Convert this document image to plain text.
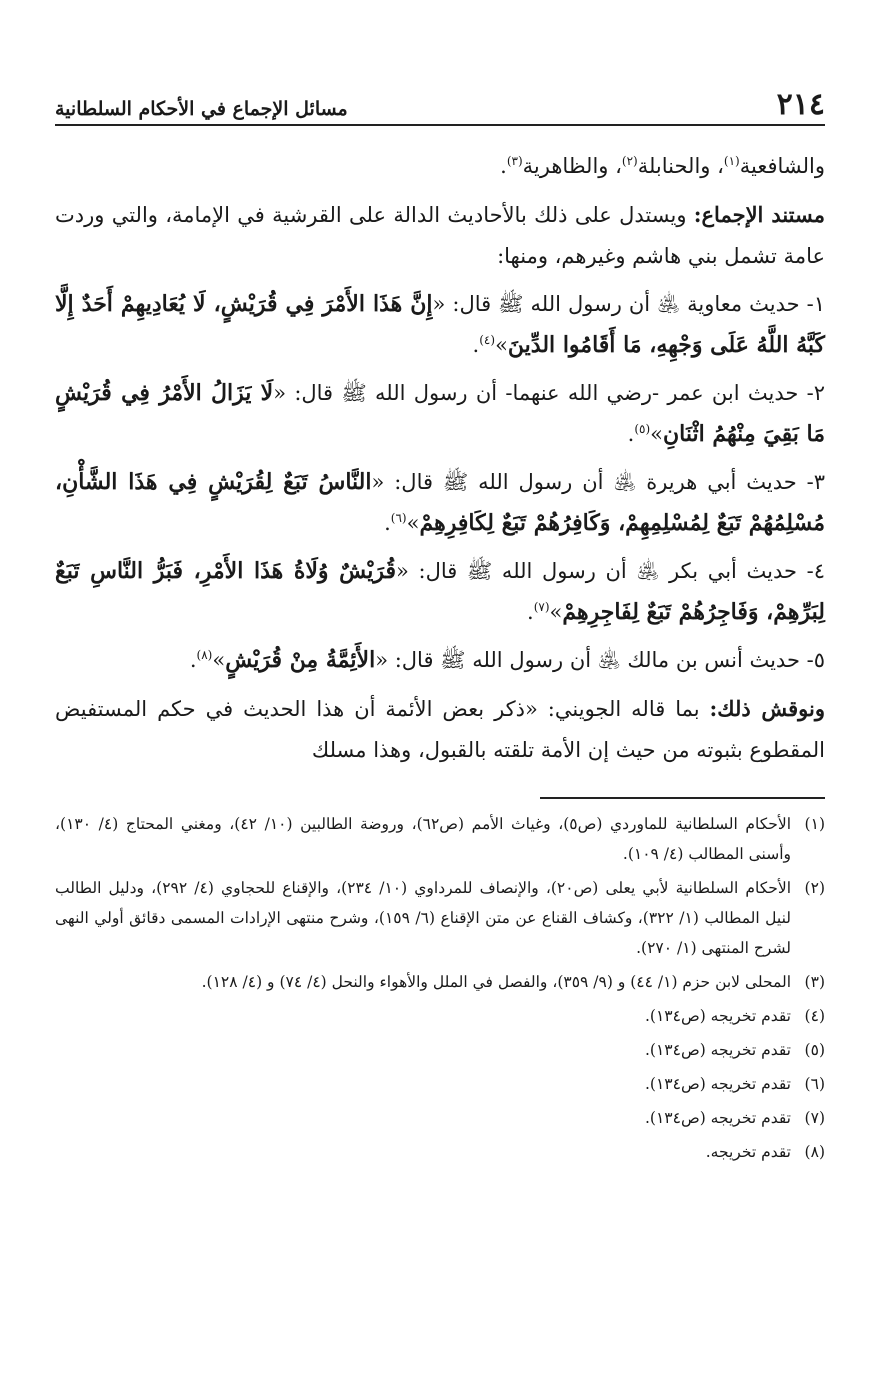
٢١٤
مسائل الإجماع في الأحكام السلطانية

والشافعية$^{(١)}$، والحنابلة$^{(٢)}$، والظاهرية$^{(٣)}$.

مستند الإجماع: ويستدل على ذلك بالأحاديث الدالة على القرشية في الإمامة، والتي وردت عامة تشمل بني هاشم وغيرهم، ومنها:

١- حديث معاوية ﵁ أن رسول الله ﷺ قال: «إِنَّ هَذَا الأَمْرَ فِي قُرَيْشٍ، لَا يُعَادِيهِمْ أَحَدٌ إِلَّا كَبَّهُ اللَّهُ عَلَى وَجْهِهِ، مَا أَقَامُوا الدِّينَ»$^{(٤)}$.

٢- حديث ابن عمر -رضي الله عنهما- أن رسول الله ﷺ قال: «لَا يَزَالُ الأَمْرُ فِي قُرَيْشٍ مَا بَقِيَ مِنْهُمُ اثْنَانِ»$^{(٥)}$.

٣- حديث أبي هريرة ﵁ أن رسول الله ﷺ قال: «النَّاسُ تَبَعٌ لِقُرَيْشٍ فِي هَذَا الشَّأْنِ، مُسْلِمُهُمْ تَبَعٌ لِمُسْلِمِهِمْ، وَكَافِرُهُمْ تَبَعٌ لِكَافِرِهِمْ»$^{(٦)}$.

٤- حديث أبي بكر ﵁ أن رسول الله ﷺ قال: «قُرَيْشٌ وُلَاةُ هَذَا الأَمْرِ، فَبَرُّ النَّاسِ تَبَعٌ لِبَرِّهِمْ، وَفَاجِرُهُمْ تَبَعٌ لِفَاجِرِهِمْ»$^{(٧)}$.

٥- حديث أنس بن مالك ﵁ أن رسول الله ﷺ قال: «الأَئِمَّةُ مِنْ قُرَيْشٍ»$^{(٨)}$.

ونوقش ذلك: بما قاله الجويني: «ذكر بعض الأئمة أن هذا الحديث في حكم المستفيض المقطوع بثبوته من حيث إن الأمة تلقته بالقبول، وهذا مسلك

(١)
الأحكام السلطانية للماوردي (ص٥)، وغياث الأمم (ص٦٢)، وروضة الطالبين (١٠/ ٤٢)، ومغني المحتاج (٤/ ١٣٠)، وأسنى المطالب (٤/ ١٠٩).
(٢)
الأحكام السلطانية لأبي يعلى (ص٢٠)، والإنصاف للمرداوي (١٠/ ٢٣٤)، والإقناع للحجاوي (٤/ ٢٩٢)، ودليل الطالب لنيل المطالب (١/ ٣٢٢)، وكشاف القناع عن متن الإقناع (٦/ ١٥٩)، وشرح منتهى الإرادات المسمى دقائق أولي النهى لشرح المنتهى (١/ ٢٧٠).
(٣)
المحلى لابن حزم (١/ ٤٤) و (٩/ ٣٥٩)، والفصل في الملل والأهواء والنحل (٤/ ٧٤) و (٤/ ١٢٨).
(٤)
تقدم تخريجه (ص١٣٤).
(٥)
تقدم تخريجه (ص١٣٤).
(٦)
تقدم تخريجه (ص١٣٤).
(٧)
تقدم تخريجه (ص١٣٤).
(٨)
تقدم تخريجه.
